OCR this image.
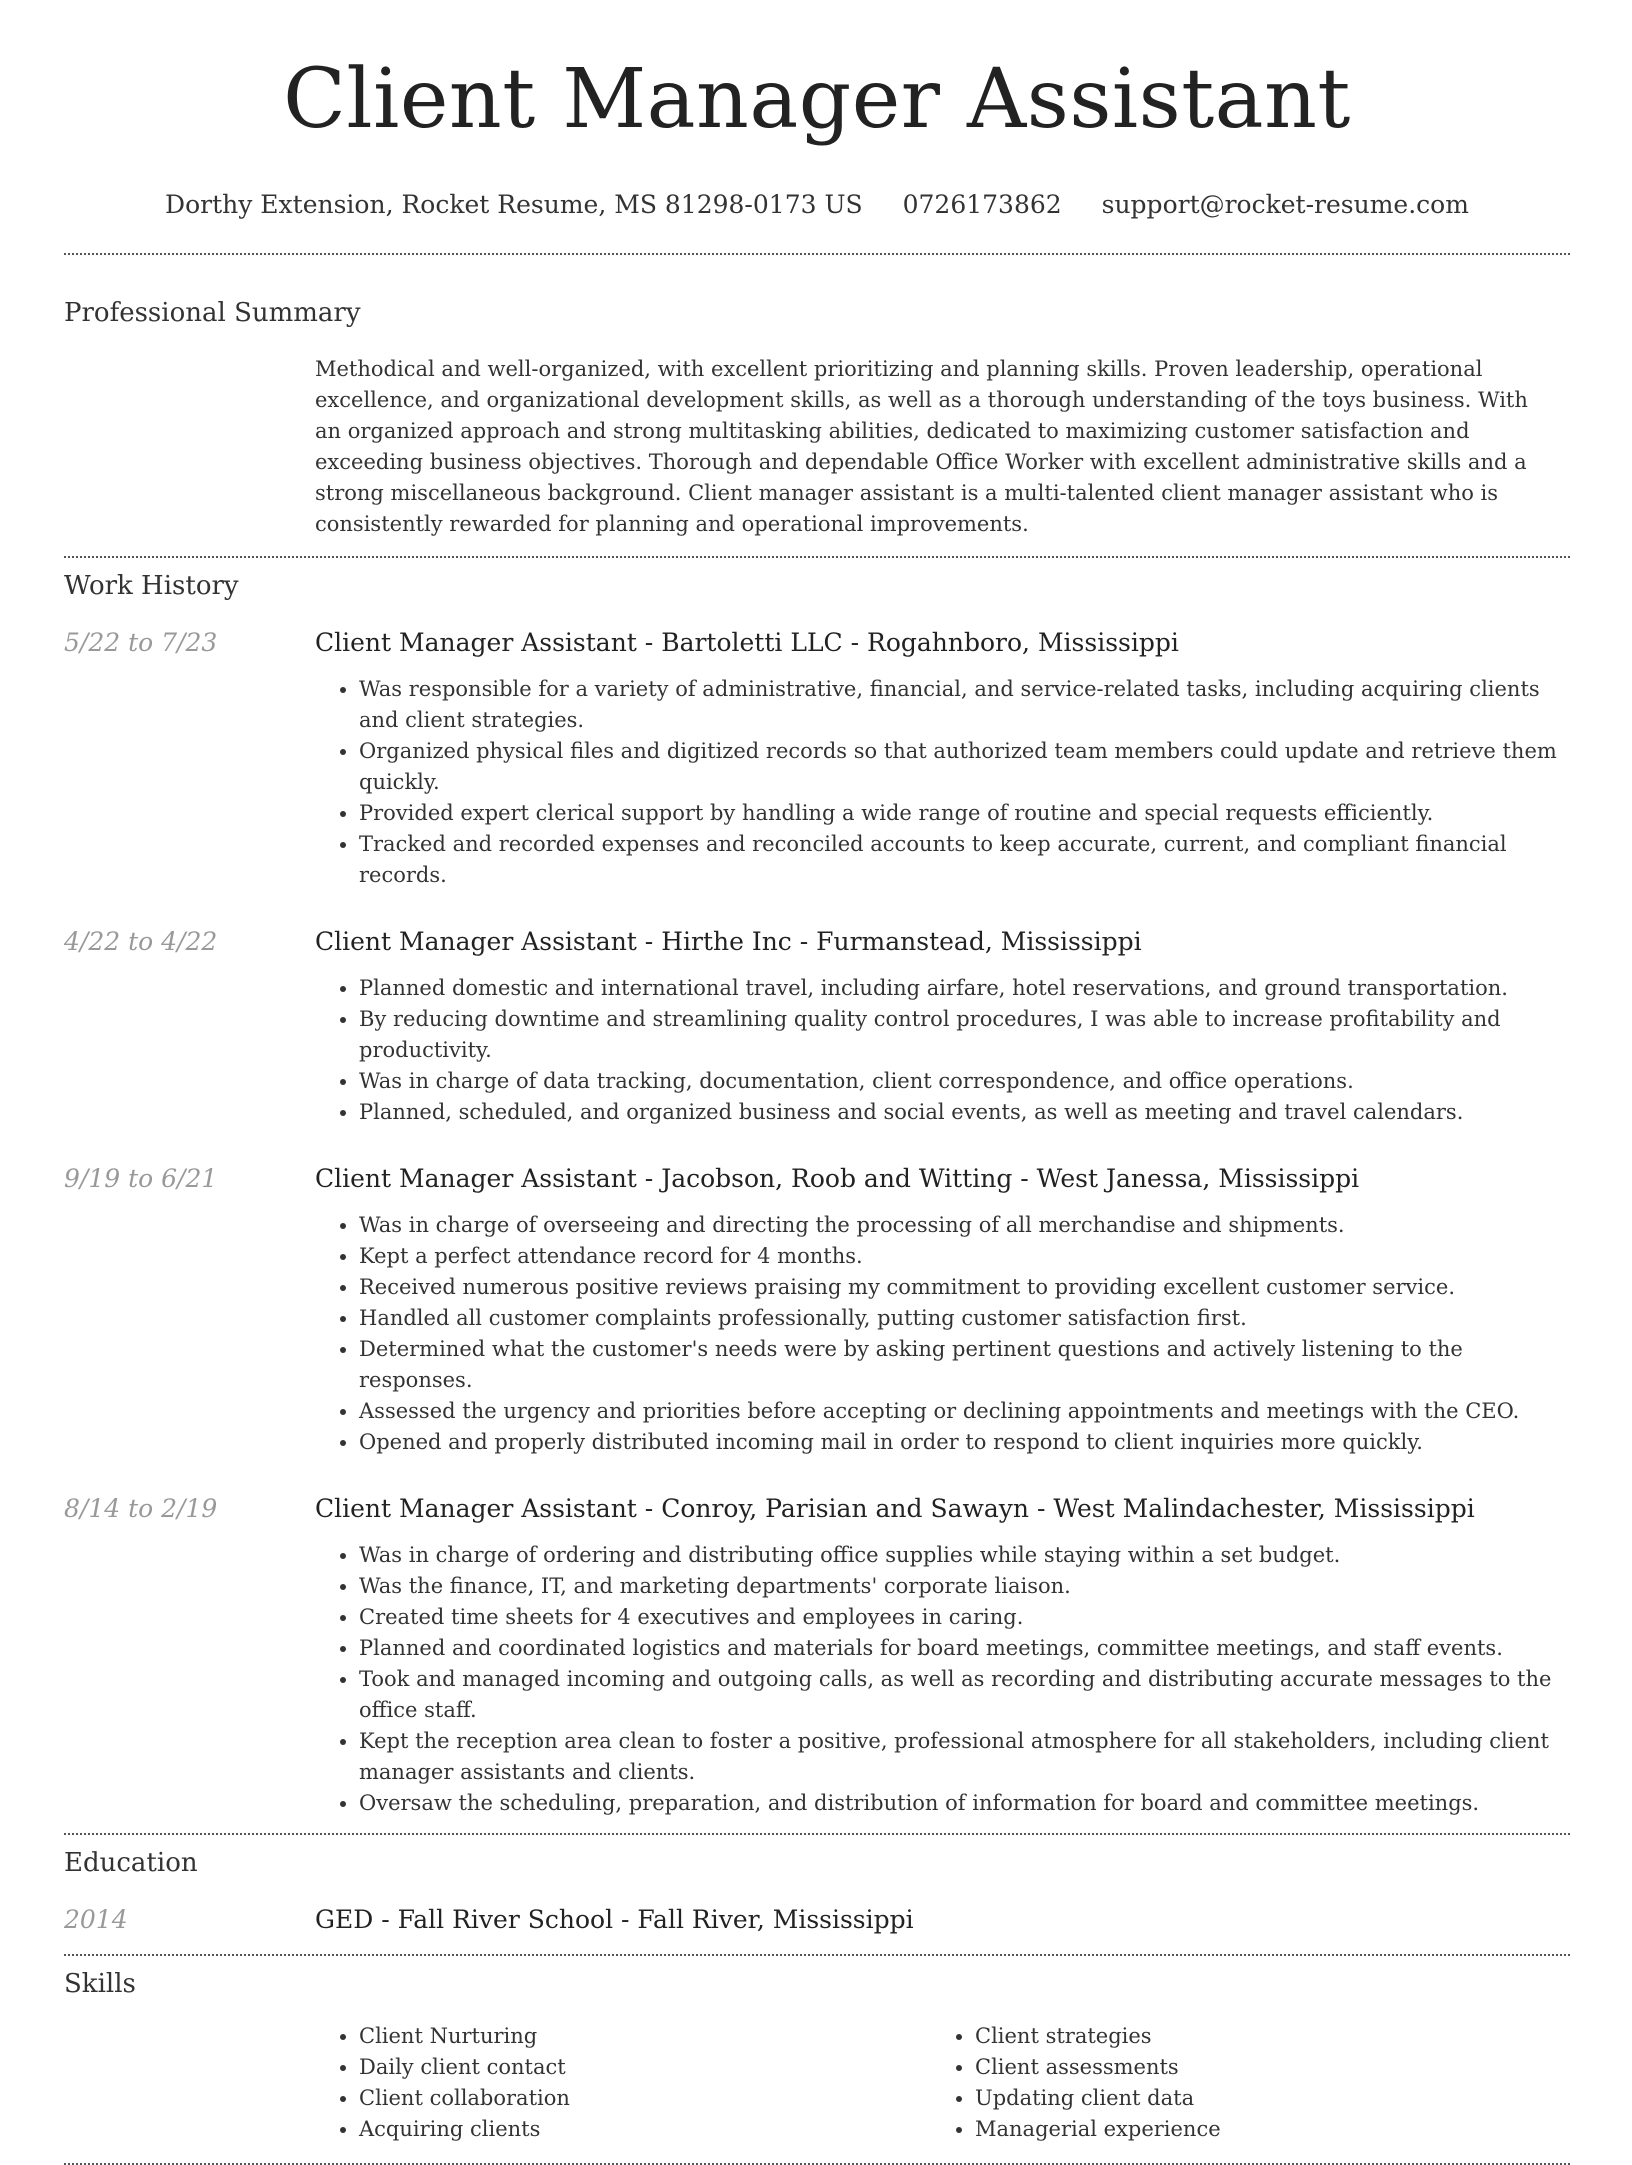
Client Manager Assistant
Dorthy Extension, Rocket Resume, MS 81298-0173 US 0726173862 support@rocket-resume.com
Professional Summary
Methodical and well-organized, with excellent prioritizing and planning skills. Proven leadership, operational excellence, and organizational development skills, as well as a thorough understanding of the toys business. With an organized approach and strong multitasking abilities, dedicated to maximizing customer satisfaction and exceeding business objectives. Thorough and dependable Office Worker with excellent administrative skills and a strong miscellaneous background. Client manager assistant is a multi-talented client manager assistant who is consistently rewarded for planning and operational improvements.
Work History
5/22 to 7/23	Client Manager Assistant - Bartoletti LLC - Rogahnboro, Mississippi
• Was responsible for a variety of administrative, financial, and service-related tasks, including acquiring clients and client strategies.
• Organized physical files and digitized records so that authorized team members could update and retrieve them quickly.
• Provided expert clerical support by handling a wide range of routine and special requests efficiently.
• Tracked and recorded expenses and reconciled accounts to keep accurate, current, and compliant financial records.
4/22 to 4/22	Client Manager Assistant - Hirthe Inc - Furmanstead, Mississippi
• Planned domestic and international travel, including airfare, hotel reservations, and ground transportation.
• By reducing downtime and streamlining quality control procedures, I was able to increase profitability and productivity.
• Was in charge of data tracking, documentation, client correspondence, and office operations.
• Planned, scheduled, and organized business and social events, as well as meeting and travel calendars.
9/19 to 6/21	Client Manager Assistant - Jacobson, Roob and Witting - West Janessa, Mississippi
• Was in charge of overseeing and directing the processing of all merchandise and shipments.
• Kept a perfect attendance record for 4 months.
• Received numerous positive reviews praising my commitment to providing excellent customer service.
• Handled all customer complaints professionally, putting customer satisfaction first.
• Determined what the customer's needs were by asking pertinent questions and actively listening to the responses.
• Assessed the urgency and priorities before accepting or declining appointments and meetings with the CEO.
• Opened and properly distributed incoming mail in order to respond to client inquiries more quickly.
8/14 to 2/19	Client Manager Assistant - Conroy, Parisian and Sawayn - West Malindachester, Mississippi
• Was in charge of ordering and distributing office supplies while staying within a set budget.
• Was the finance, IT, and marketing departments' corporate liaison.
• Created time sheets for 4 executives and employees in caring.
• Planned and coordinated logistics and materials for board meetings, committee meetings, and staff events.
• Took and managed incoming and outgoing calls, as well as recording and distributing accurate messages to the office staff.
• Kept the reception area clean to foster a positive, professional atmosphere for all stakeholders, including client manager assistants and clients.
• Oversaw the scheduling, preparation, and distribution of information for board and committee meetings.
Education
2014	GED - Fall River School - Fall River, Mississippi
Skills
• Client Nurturing
• Daily client contact
• Client collaboration
• Acquiring clients
• Client strategies
• Client assessments
• Updating client data
• Managerial experience
